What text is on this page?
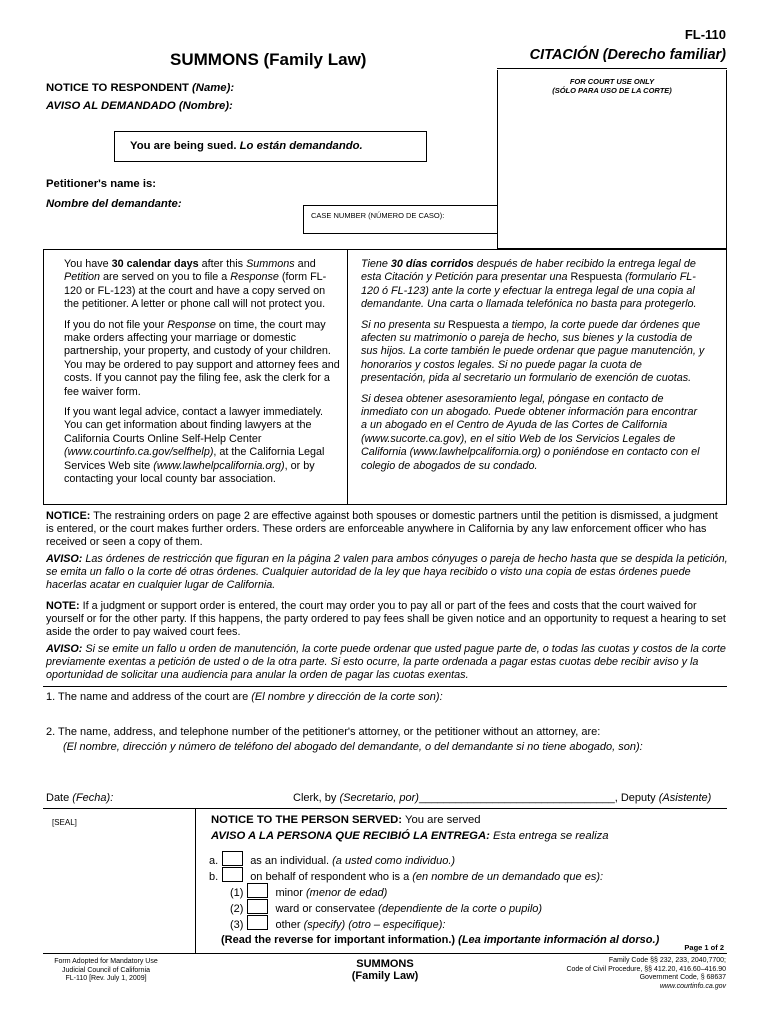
FL-110
SUMMONS (Family Law)	CITACIÓN (Derecho familiar)
FOR COURT USE ONLY
(SÓLO PARA USO DE LA CORTE)
NOTICE TO RESPONDENT (Name):
AVISO AL DEMANDADO (Nombre):
You are being sued. Lo están demandando.
Petitioner's name is:
Nombre del demandante:
CASE NUMBER (NÚMERO DE CASO):

You have 30 calendar days after this Summons and Petition are served on you to file a Response (form FL-120 or FL-123) at the court and have a copy served on the petitioner. A letter or phone call will not protect you.

If you do not file your Response on time, the court may make orders affecting your marriage or domestic partnership, your property, and custody of your children. You may be ordered to pay support and attorney fees and costs. If you cannot pay the filing fee, ask the clerk for a fee waiver form.

If you want legal advice, contact a lawyer immediately. You can get information about finding lawyers at the California Courts Online Self-Help Center (www.courtinfo.ca.gov/selfhelp), at the California Legal Services Web site (www.lawhelpcalifornia.org), or by contacting your local county bar association.

Tiene 30 días corridos después de haber recibido la entrega legal de esta Citación y Petición para presentar una Respuesta (formulario FL-120 ó FL-123) ante la corte y efectuar la entrega legal de una copia al demandante. Una carta o llamada telefónica no basta para protegerlo.

Si no presenta su Respuesta a tiempo, la corte puede dar órdenes que afecten su matrimonio o pareja de hecho, sus bienes y la custodia de sus hijos. La corte también le puede ordenar que pague manutención, y honorarios y costos legales. Si no puede pagar la cuota de presentación, pida al secretario un formulario de exención de cuotas.

Si desea obtener asesoramiento legal, póngase en contacto de inmediato con un abogado. Puede obtener información para encontrar a un abogado en el Centro de Ayuda de las Cortes de California (www.sucorte.ca.gov), en el sitio Web de los Servicios Legales de California (www.lawhelpcalifornia.org) o poniéndose en contacto con el colegio de abogados de su condado.

NOTICE: The restraining orders on page 2 are effective against both spouses or domestic partners until the petition is dismissed, a judgment is entered, or the court makes further orders. These orders are enforceable anywhere in California by any law enforcement officer who has received or seen a copy of them.
AVISO: Las órdenes de restricción que figuran en la página 2 valen para ambos cónyuges o pareja de hecho hasta que se despida la petición, se emita un fallo o la corte dé otras órdenes. Cualquier autoridad de la ley que haya recibido o visto una copia de estas órdenes puede hacerlas acatar en cualquier lugar de California.
NOTE: If a judgment or support order is entered, the court may order you to pay all or part of the fees and costs that the court waived for yourself or for the other party. If this happens, the party ordered to pay fees shall be given notice and an opportunity to request a hearing to set aside the order to pay waived court fees.
AVISO: Si se emite un fallo u orden de manutención, la corte puede ordenar que usted pague parte de, o todas las cuotas y costos de la corte previamente exentas a petición de usted o de la otra parte. Si esto ocurre, la parte ordenada a pagar estas cuotas debe recibir aviso y la oportunidad de solicitar una audiencia para anular la orden de pagar las cuotas exentas.
1. The name and address of the court are (El nombre y dirección de la corte son):
2. The name, address, and telephone number of the petitioner's attorney, or the petitioner without an attorney, are:
(El nombre, dirección y número de teléfono del abogado del demandante, o del demandante si no tiene abogado, son):
Date (Fecha):	Clerk, by (Secretario, por)________________________________, Deputy (Asistente)
[SEAL]	NOTICE TO THE PERSON SERVED: You are served
AVISO A LA PERSONA QUE RECIBIÓ LA ENTREGA: Esta entrega se realiza
a.	as an individual. (a usted como individuo.)
b.	on behalf of respondent who is a (en nombre de un demandado que es):
(1)	minor (menor de edad)
(2)	ward or conservatee (dependiente de la corte o pupilo)
(3)	other (specify) (otro – especifique):
(Read the reverse for important information.) (Lea importante información al dorso.)
Page 1 of 2
Form Adopted for Mandatory Use
Judicial Council of California
FL-110 [Rev. July 1, 2009]
SUMMONS
(Family Law)
Family Code §§ 232, 233, 2040,7700;
Code of Civil Procedure, §§ 412.20, 416.60–416.90
Government Code, § 68637
www.courtinfo.ca.gov
